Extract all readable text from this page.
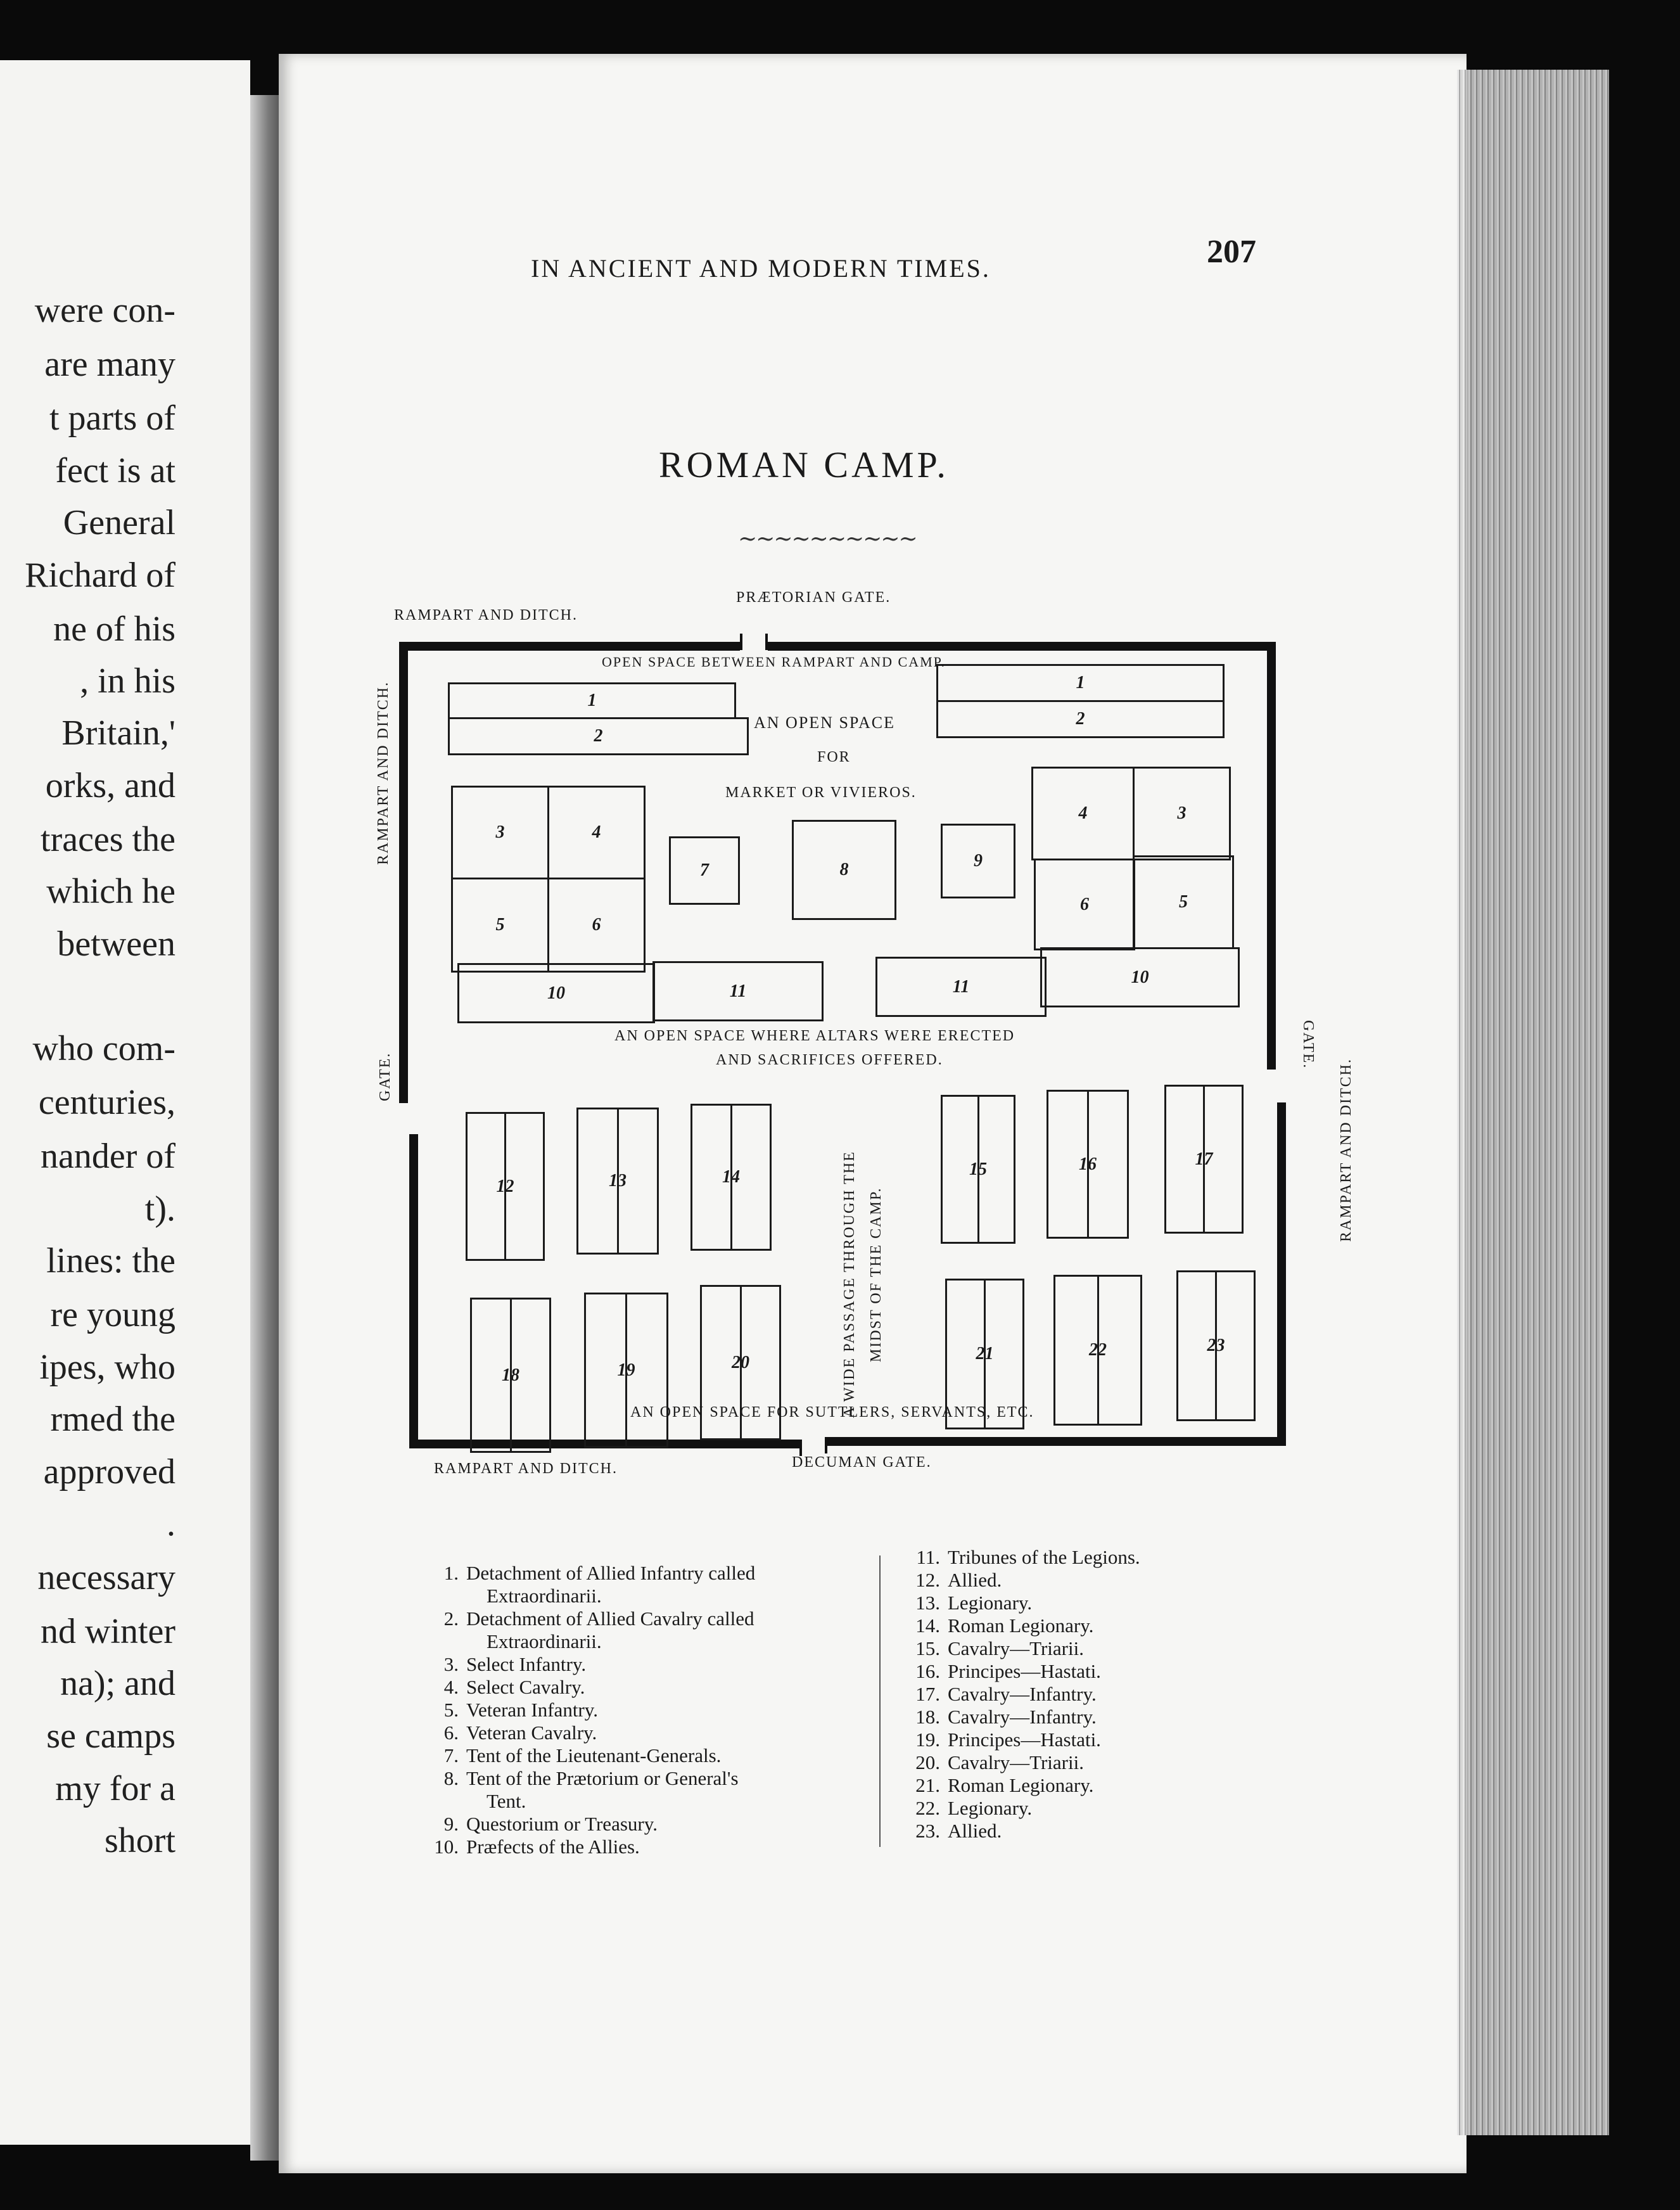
were con-
are many
t parts of
fect is at
General
Richard of
ne of his
, in his
Britain,'
orks, and
traces the
which he
between
who com-
centuries,
nander of
t).
lines: the
re young
ipes, who
rmed the
approved
.
necessary
nd winter
na); and
se camps
my for a
short
IN ANCIENT AND MODERN TIMES.	207
ROMAN CAMP.
~~~~~~~~~~
RAMPART AND DITCH.
PRÆTORIAN GATE.
RAMPART AND DITCH.
GATE.
GATE.
RAMPART AND DITCH.
RAMPART AND DITCH.	DECUMAN GATE.
OPEN SPACE BETWEEN RAMPART AND CAMP.
AN OPEN SPACE
FOR
MARKET OR VIVIEROS.
AN OPEN SPACE WHERE ALTARS WERE ERECTED
AND SACRIFICES OFFERED.
A WIDE PASSAGE THROUGH THE MIDST OF THE CAMP.
AN OPEN SPACE FOR SUTTLERS, SERVANTS, ETC.
1
2
3	4
5	6
10	11
7	8	9
1
2
4	3
6	5
11	10
12	13	14	15	16	17
18	19	20	21	22	23
1. Detachment of Allied Infantry called
Extraordinarii.
2. Detachment of Allied Cavalry called
Extraordinarii.
3. Select Infantry.
4. Select Cavalry.
5. Veteran Infantry.
6. Veteran Cavalry.
7. Tent of the Lieutenant-Generals.
8. Tent of the Prætorium or General's
Tent.
9. Questorium or Treasury.
10. Præfects of the Allies.
11. Tribunes of the Legions.
12. Allied.
13. Legionary.
14. Roman Legionary.
15. Cavalry—Triarii.
16. Principes—Hastati.
17. Cavalry—Infantry.
18. Cavalry—Infantry.
19. Principes—Hastati.
20. Cavalry—Triarii.
21. Roman Legionary.
22. Legionary.
23. Allied.
